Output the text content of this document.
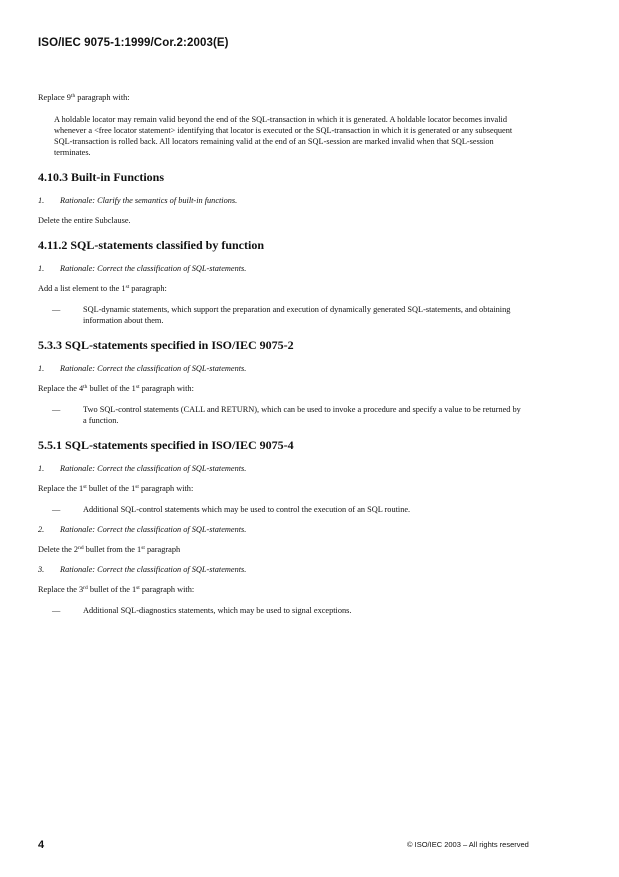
ISO/IEC 9075-1:1999/Cor.2:2003(E)

Replace 9th paragraph with:

A holdable locator may remain valid beyond the end of the SQL-transaction in which it is generated. A holdable locator becomes invalid whenever a <free locator statement> identifying that locator is executed or the SQL-transaction in which it is generated or any subsequent SQL-transaction is rolled back. All locators remaining valid at the end of an SQL-session are marked invalid when that SQL-session terminates.

4.10.3 Built-in Functions

1. Rationale: Clarify the semantics of built-in functions.

Delete the entire Subclause.

4.11.2 SQL-statements classified by function

1. Rationale: Correct the classification of SQL-statements.

Add a list element to the 1st paragraph:

—	SQL-dynamic statements, which support the preparation and execution of dynamically generated SQL-statements, and obtaining information about them.

5.3.3 SQL-statements specified in ISO/IEC 9075-2

1. Rationale: Correct the classification of SQL-statements.

Replace the 4th bullet of the 1st paragraph with:

—	Two SQL-control statements (CALL and RETURN), which can be used to invoke a procedure and specify a value to be returned by a function.

5.5.1 SQL-statements specified in ISO/IEC 9075-4

1. Rationale: Correct the classification of SQL-statements.

Replace the 1st bullet of the 1st paragraph with:

—	Additional SQL-control statements which may be used to control the execution of an SQL routine.

2. Rationale: Correct the classification of SQL-statements.

Delete the 2nd bullet from the 1st paragraph

3. Rationale: Correct the classification of SQL-statements.

Replace the 3rd bullet of the 1st paragraph with:

—	Additional SQL-diagnostics statements, which may be used to signal exceptions.
4	© ISO/IEC 2003 – All rights reserved
